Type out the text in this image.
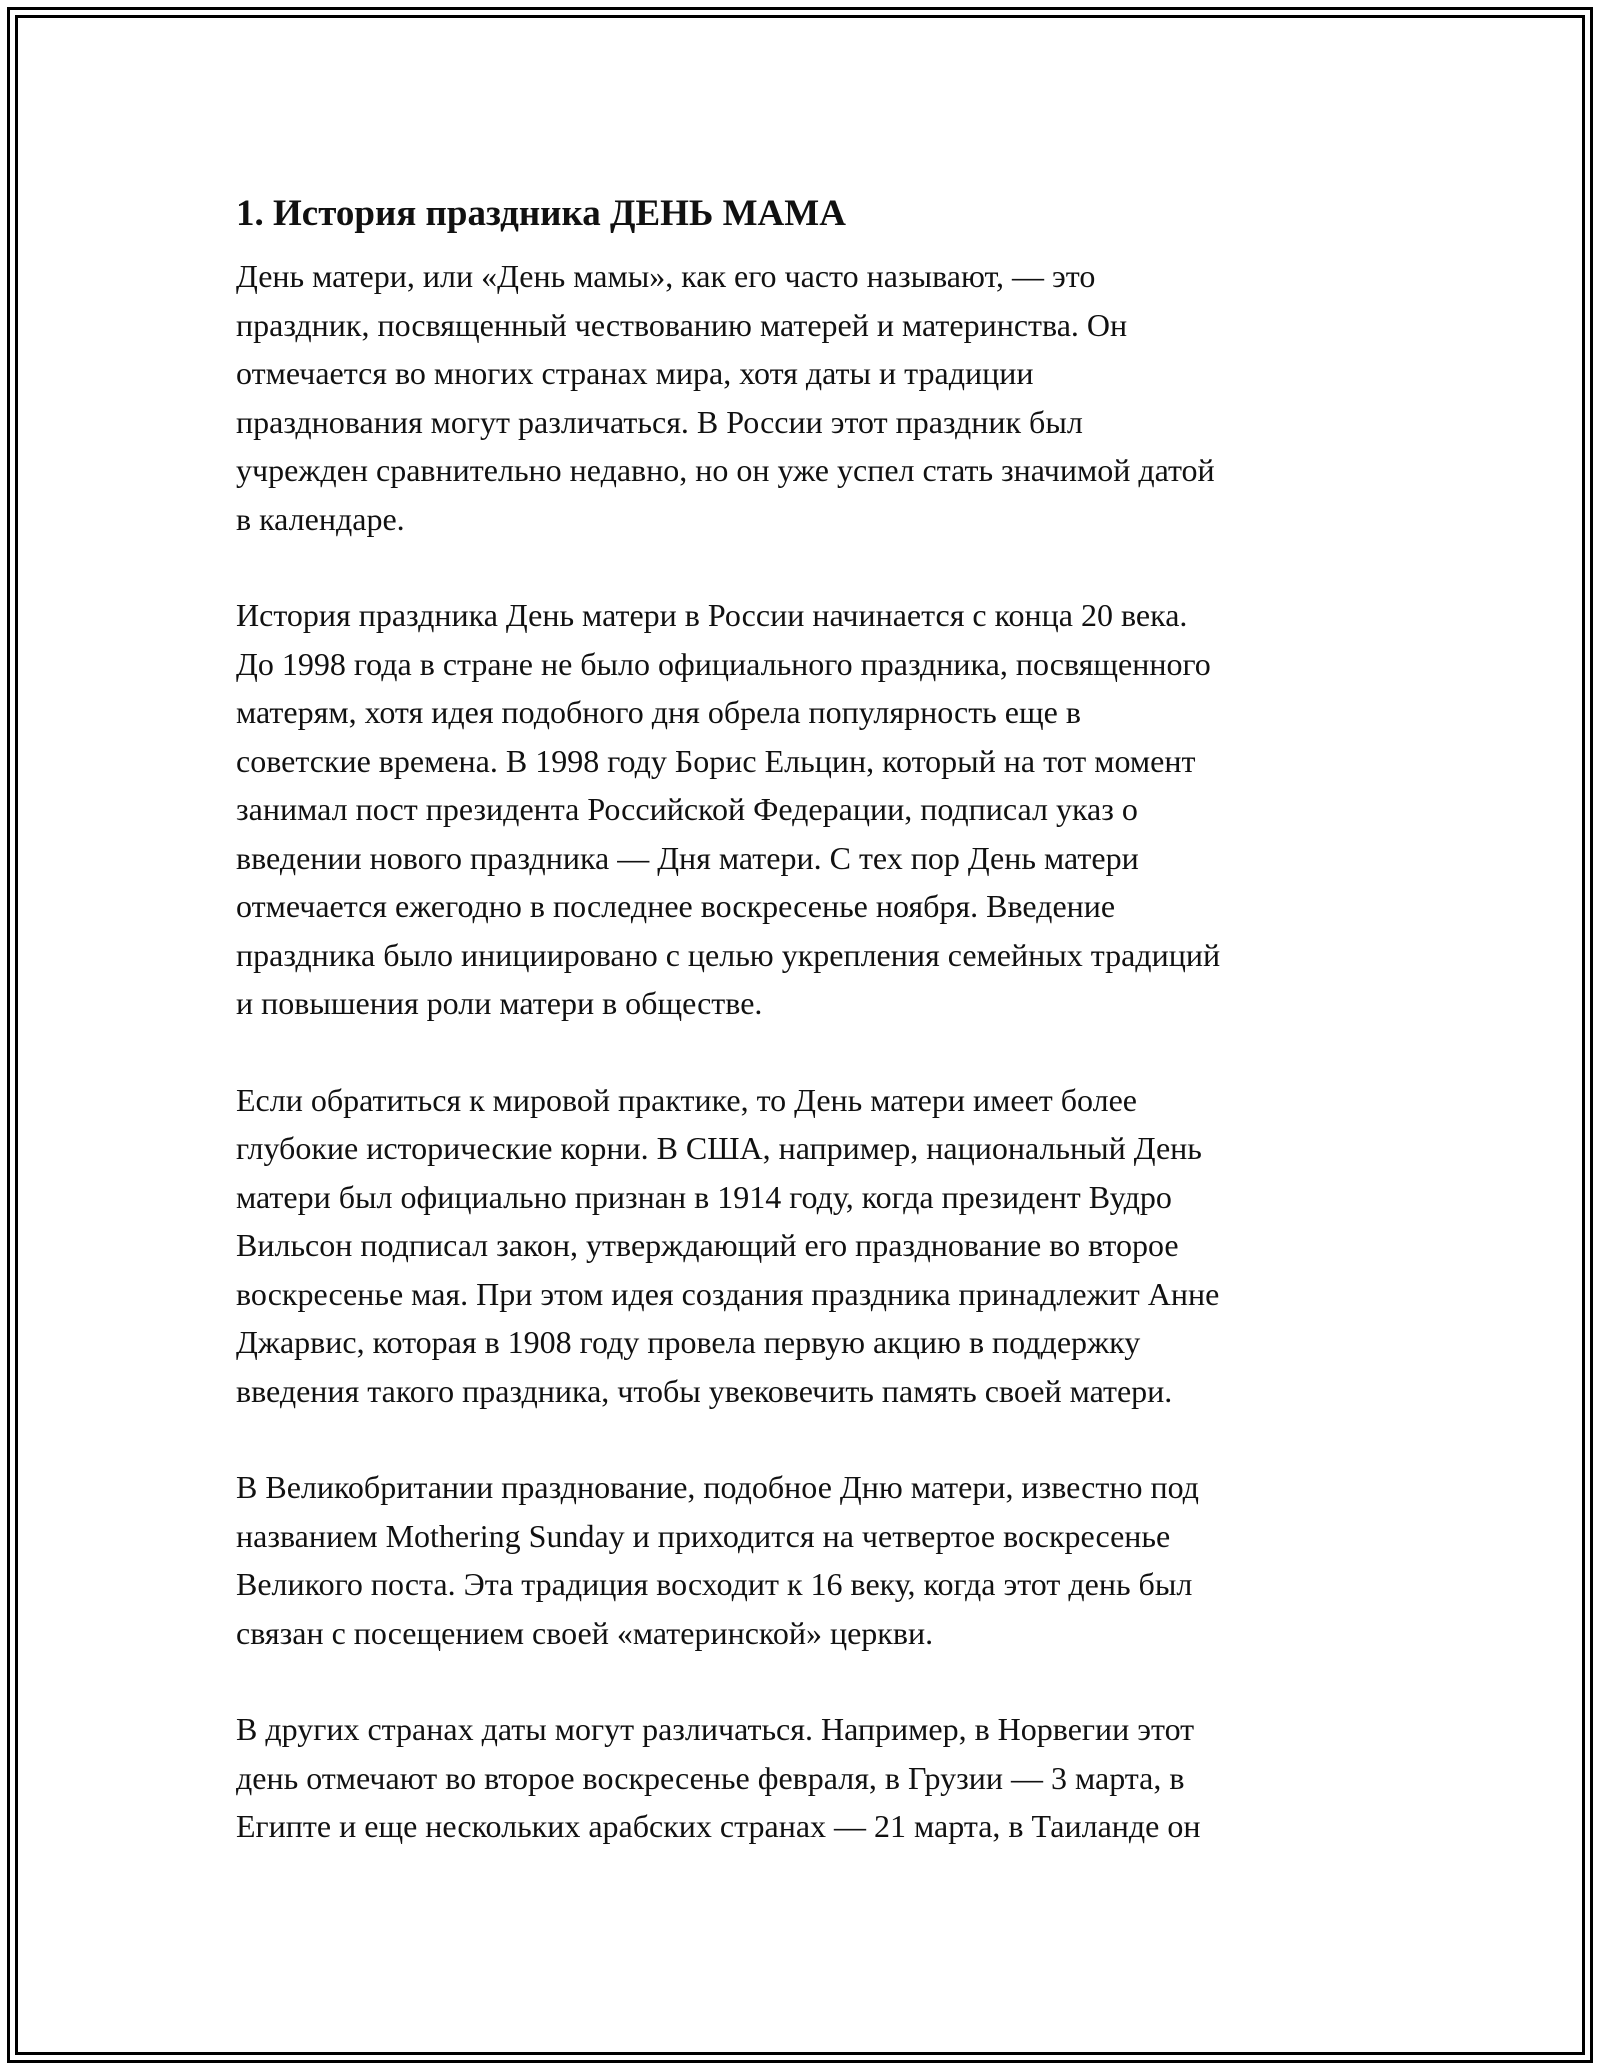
1. История праздника ДЕНЬ МАМА
День матери, или «День мамы», как его часто называют, — это
праздник, посвященный чествованию матерей и материнства. Он
отмечается во многих странах мира, хотя даты и традиции
празднования могут различаться. В России этот праздник был
учрежден сравнительно недавно, но он уже успел стать значимой датой
в календаре.
История праздника День матери в России начинается с конца 20 века.
До 1998 года в стране не было официального праздника, посвященного
матерям, хотя идея подобного дня обрела популярность еще в
советские времена. В 1998 году Борис Ельцин, который на тот момент
занимал пост президента Российской Федерации, подписал указ о
введении нового праздника — Дня матери. С тех пор День матери
отмечается ежегодно в последнее воскресенье ноября. Введение
праздника было инициировано с целью укрепления семейных традиций
и повышения роли матери в обществе.
Если обратиться к мировой практике, то День матери имеет более
глубокие исторические корни. В США, например, национальный День
матери был официально признан в 1914 году, когда президент Вудро
Вильсон подписал закон, утверждающий его празднование во второе
воскресенье мая. При этом идея создания праздника принадлежит Анне
Джарвис, которая в 1908 году провела первую акцию в поддержку
введения такого праздника, чтобы увековечить память своей матери.
В Великобритании празднование, подобное Дню матери, известно под
названием Mothering Sunday и приходится на четвертое воскресенье
Великого поста. Эта традиция восходит к 16 веку, когда этот день был
связан с посещением своей «материнской» церкви.
В других странах даты могут различаться. Например, в Норвегии этот
день отмечают во второе воскресенье февраля, в Грузии — 3 марта, в
Египте и еще нескольких арабских странах — 21 марта, в Таиланде он
